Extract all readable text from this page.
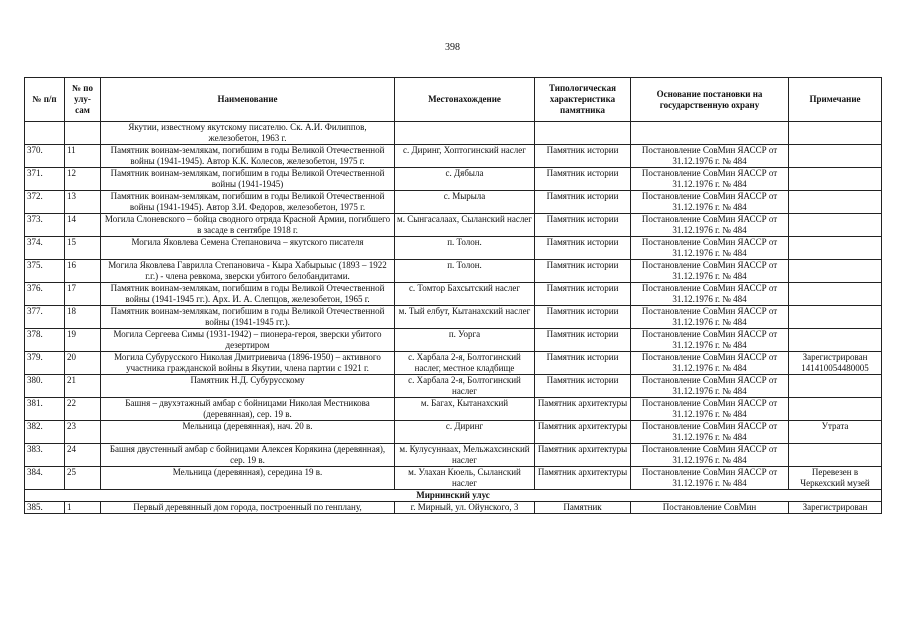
398
№ п/п	№ по улу-сам	Наименование	Местонахождение	Типологическая характеристика памятника	Основание постановки на государственную охрану	Примечание
		Якутии, известному якутскому писателю. Ск. А.И. Филиппов, железобетон, 1963 г.				
370.	11	Памятник воинам-землякам, погибшим в годы Великой Отечественной войны (1941-1945). Автор К.К. Колесов, железобетон, 1975 г.	с. Диринг, Хоптогинский наслег	Памятник истории	Постановление СовМин ЯАССР от 31.12.1976 г. № 484	
371.	12	Памятник воинам-землякам, погибшим в годы Великой Отечественной войны (1941-1945)	с. Дябыла	Памятник истории	Постановление СовМин ЯАССР от 31.12.1976 г. № 484	
372.	13	Памятник воинам-землякам, погибшим в годы Великой Отечественной войны (1941-1945). Автор З.И. Федоров, железобетон, 1975 г.	с. Мырыла	Памятник истории	Постановление СовМин ЯАССР от 31.12.1976 г. № 484	
373.	14	Могила Слоневского – бойца сводного отряда Красной Армии, погибшего в засаде в сентябре 1918 г.	м. Сынгасалаах, Сыланский наслег	Памятник истории	Постановление СовМин ЯАССР от 31.12.1976 г. № 484	
374.	15	Могила Яковлева Семена Степановича – якутского писателя	п. Толон.	Памятник истории	Постановление СовМин ЯАССР от 31.12.1976 г. № 484	
375.	16	Могила Яковлева Гаврилла Степановича - Кыра Хабырыыс (1893 – 1922 г.г.) - члена ревкома, зверски убитого белобандитами.	п. Толон.	Памятник истории	Постановление СовМин ЯАССР от 31.12.1976 г. № 484	
376.	17	Памятник воинам-землякам, погибшим в годы Великой Отечественной войны (1941-1945 гг.). Арх. И. А. Слепцов, железобетон, 1965 г.	с. Томтор Бахсытский наслег	Памятник истории	Постановление СовМин ЯАССР от 31.12.1976 г. № 484	
377.	18	Памятник воинам-землякам, погибшим в годы Великой Отечественной войны (1941-1945 гг.).	м. Тый елбут, Кытанахский наслег	Памятник истории	Постановление СовМин ЯАССР от 31.12.1976 г. № 484	
378.	19	Могила Сергеева Симы (1931-1942) – пионера-героя, зверски убитого дезертиром	п. Уорга	Памятник истории	Постановление СовМин ЯАССР от 31.12.1976 г. № 484	
379.	20	Могила Субурусского Николая Дмитриевича (1896-1950) – активного участника гражданской войны в Якутии, члена партии с 1921 г.	с. Харбала 2-я, Болтогинский наслег, местное кладбище	Памятник истории	Постановление СовМин ЯАССР от 31.12.1976 г. № 484	Зарегистрирован 141410054480005
380.	21	Памятник Н.Д. Субурусскому	с. Харбала 2-я, Болтогинский наслег	Памятник истории	Постановление СовМин ЯАССР от 31.12.1976 г. № 484	
381.	22	Башня – двухэтажный амбар с бойницами Николая Местникова (деревянная), сер. 19 в.	м. Багах, Кытанахский	Памятник архитектуры	Постановление СовМин ЯАССР от 31.12.1976 г. № 484	
382.	23	Мельница (деревянная), нач. 20 в.	с. Диринг	Памятник архитектуры	Постановление СовМин ЯАССР от 31.12.1976 г. № 484	Утрата
383.	24	Башня двустенный амбар с бойницами Алексея Корякина (деревянная), сер. 19 в.	м. Кулусуннаах, Мельжахсинский наслег	Памятник архитектуры	Постановление СовМин ЯАССР от 31.12.1976 г. № 484	
384.	25	Мельница (деревянная), середина 19 в.	м. Улахан Кюель, Сыланский наслег	Памятник архитектуры	Постановление СовМин ЯАССР от 31.12.1976 г. № 484	Перевезен в Черкехский музей
Мирнинский улус						
385.	1	Первый деревянный дом города, построенный по генплану,	г. Мирный, ул. Ойунского, 3	Памятник	Постановление СовМин	Зарегистрирован
